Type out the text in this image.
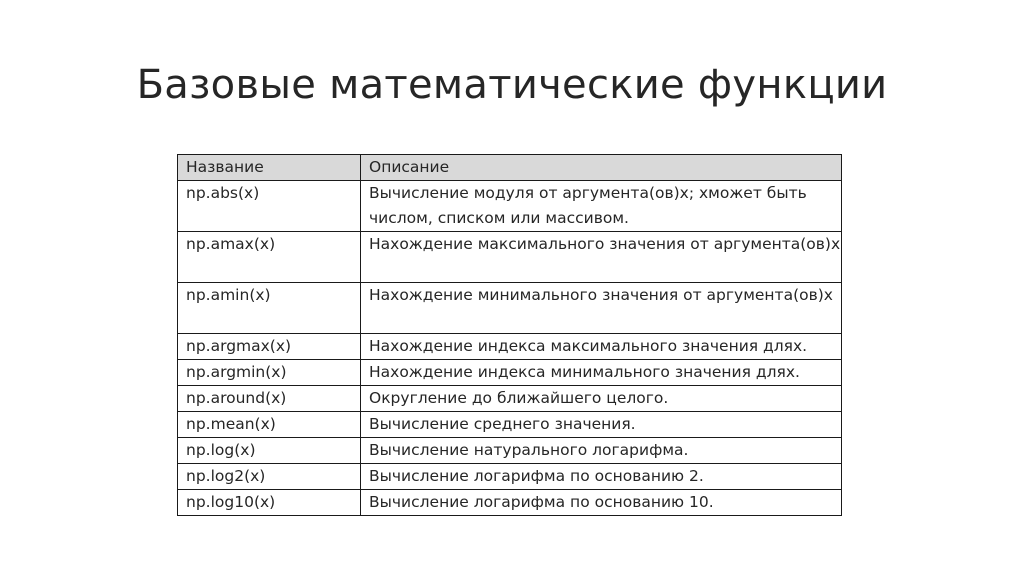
Базовые математические функции
Название	Описание
np.abs(x)	Вычисление модуля от аргумента(ов)x; xможет быть числом, списком или массивом.
np.amax(x)	Нахождение максимального значения от аргумента(ов)x
np.amin(x)	Нахождение минимального значения от аргумента(ов)x
np.argmax(x)	Нахождение индекса максимального значения длях.
np.argmin(x)	Нахождение индекса минимального значения длях.
np.around(x)	Округление до ближайшего целого.
np.mean(x)	Вычисление среднего значения.
np.log(x)	Вычисление натурального логарифма.
np.log2(x)	Вычисление логарифма по основанию 2.
np.log10(x)	Вычисление логарифма по основанию 10.
